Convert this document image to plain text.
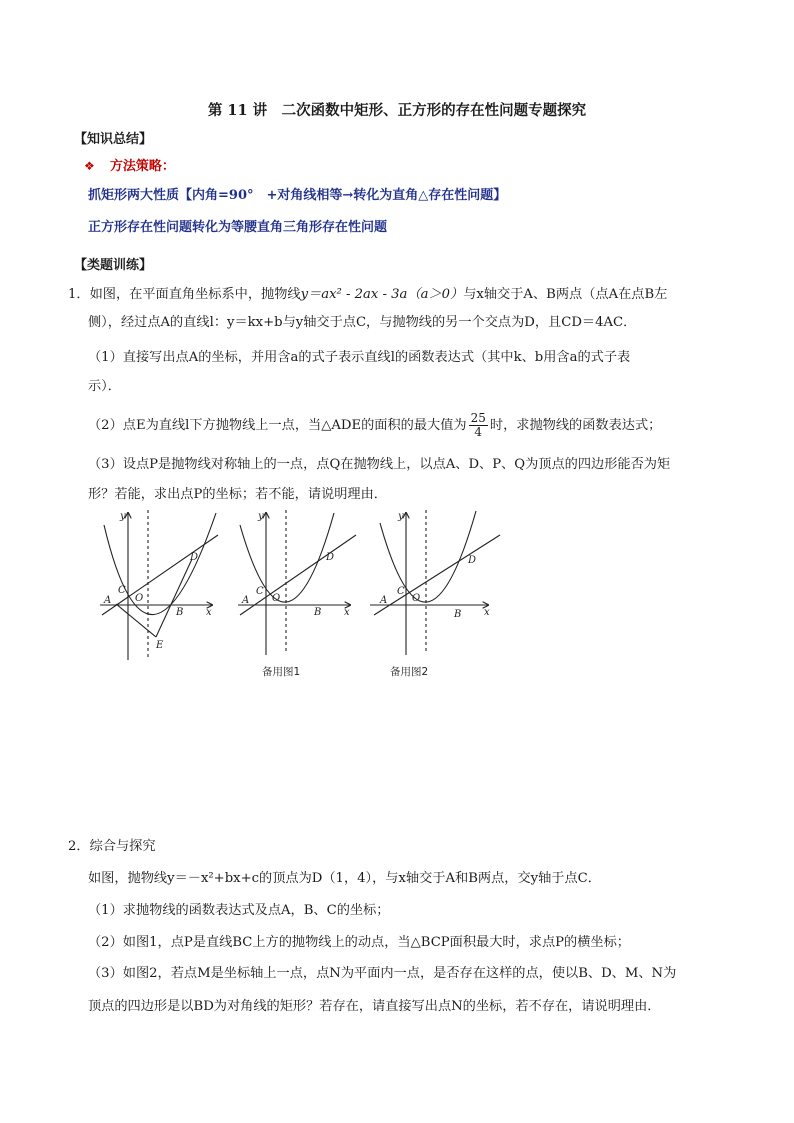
第 11 讲　二次函数中矩形、正方形的存在性问题专题探究
【知识总结】
❖ 方法策略：
抓矩形两大性质【内角=90°　+对角线相等→转化为直角△存在性问题】
正方形存在性问题转化为等腰直角三角形存在性问题
【类题训练】
1．如图，在平面直角坐标系中，抛物线y＝ax² - 2ax - 3a（a＞0）与x轴交于A、B两点（点A在点B左
侧），经过点A的直线l：y＝kx+b与y轴交于点C，与抛物线的另一个交点为D，且CD＝4AC．
（1）直接写出点A的坐标，并用含a的式子表示直线l的函数表达式（其中k、b用含a的式子表
示）．
（2）点E为直线l下方抛物线上一点，当△ADE的面积的最大值为 $\frac{25}{4}$ 时，求抛物线的函数表达式；
（3）设点P是抛物线对称轴上的一点，点Q在抛物线上，以点A、D、P、Q为顶点的四边形能否为矩
形？若能，求出点P的坐标；若不能，请说明理由．
A
C
O
B
D
E
x
y
A
C
O
B
D
x
y
备用图1
A
C
O
B
D
x
y
备用图2
2．综合与探究
如图，抛物线y＝－x²+bx+c的顶点为D（1，4），与x轴交于A和B两点，交y轴于点C．
（1）求抛物线的函数表达式及点A，B、C的坐标；
（2）如图1，点P是直线BC上方的抛物线上的动点，当△BCP面积最大时，求点P的横坐标；
（3）如图2，若点M是坐标轴上一点，点N为平面内一点，是否存在这样的点，使以B、D、M、N为
顶点的四边形是以BD为对角线的矩形？若存在，请直接写出点N的坐标，若不存在，请说明理由．
